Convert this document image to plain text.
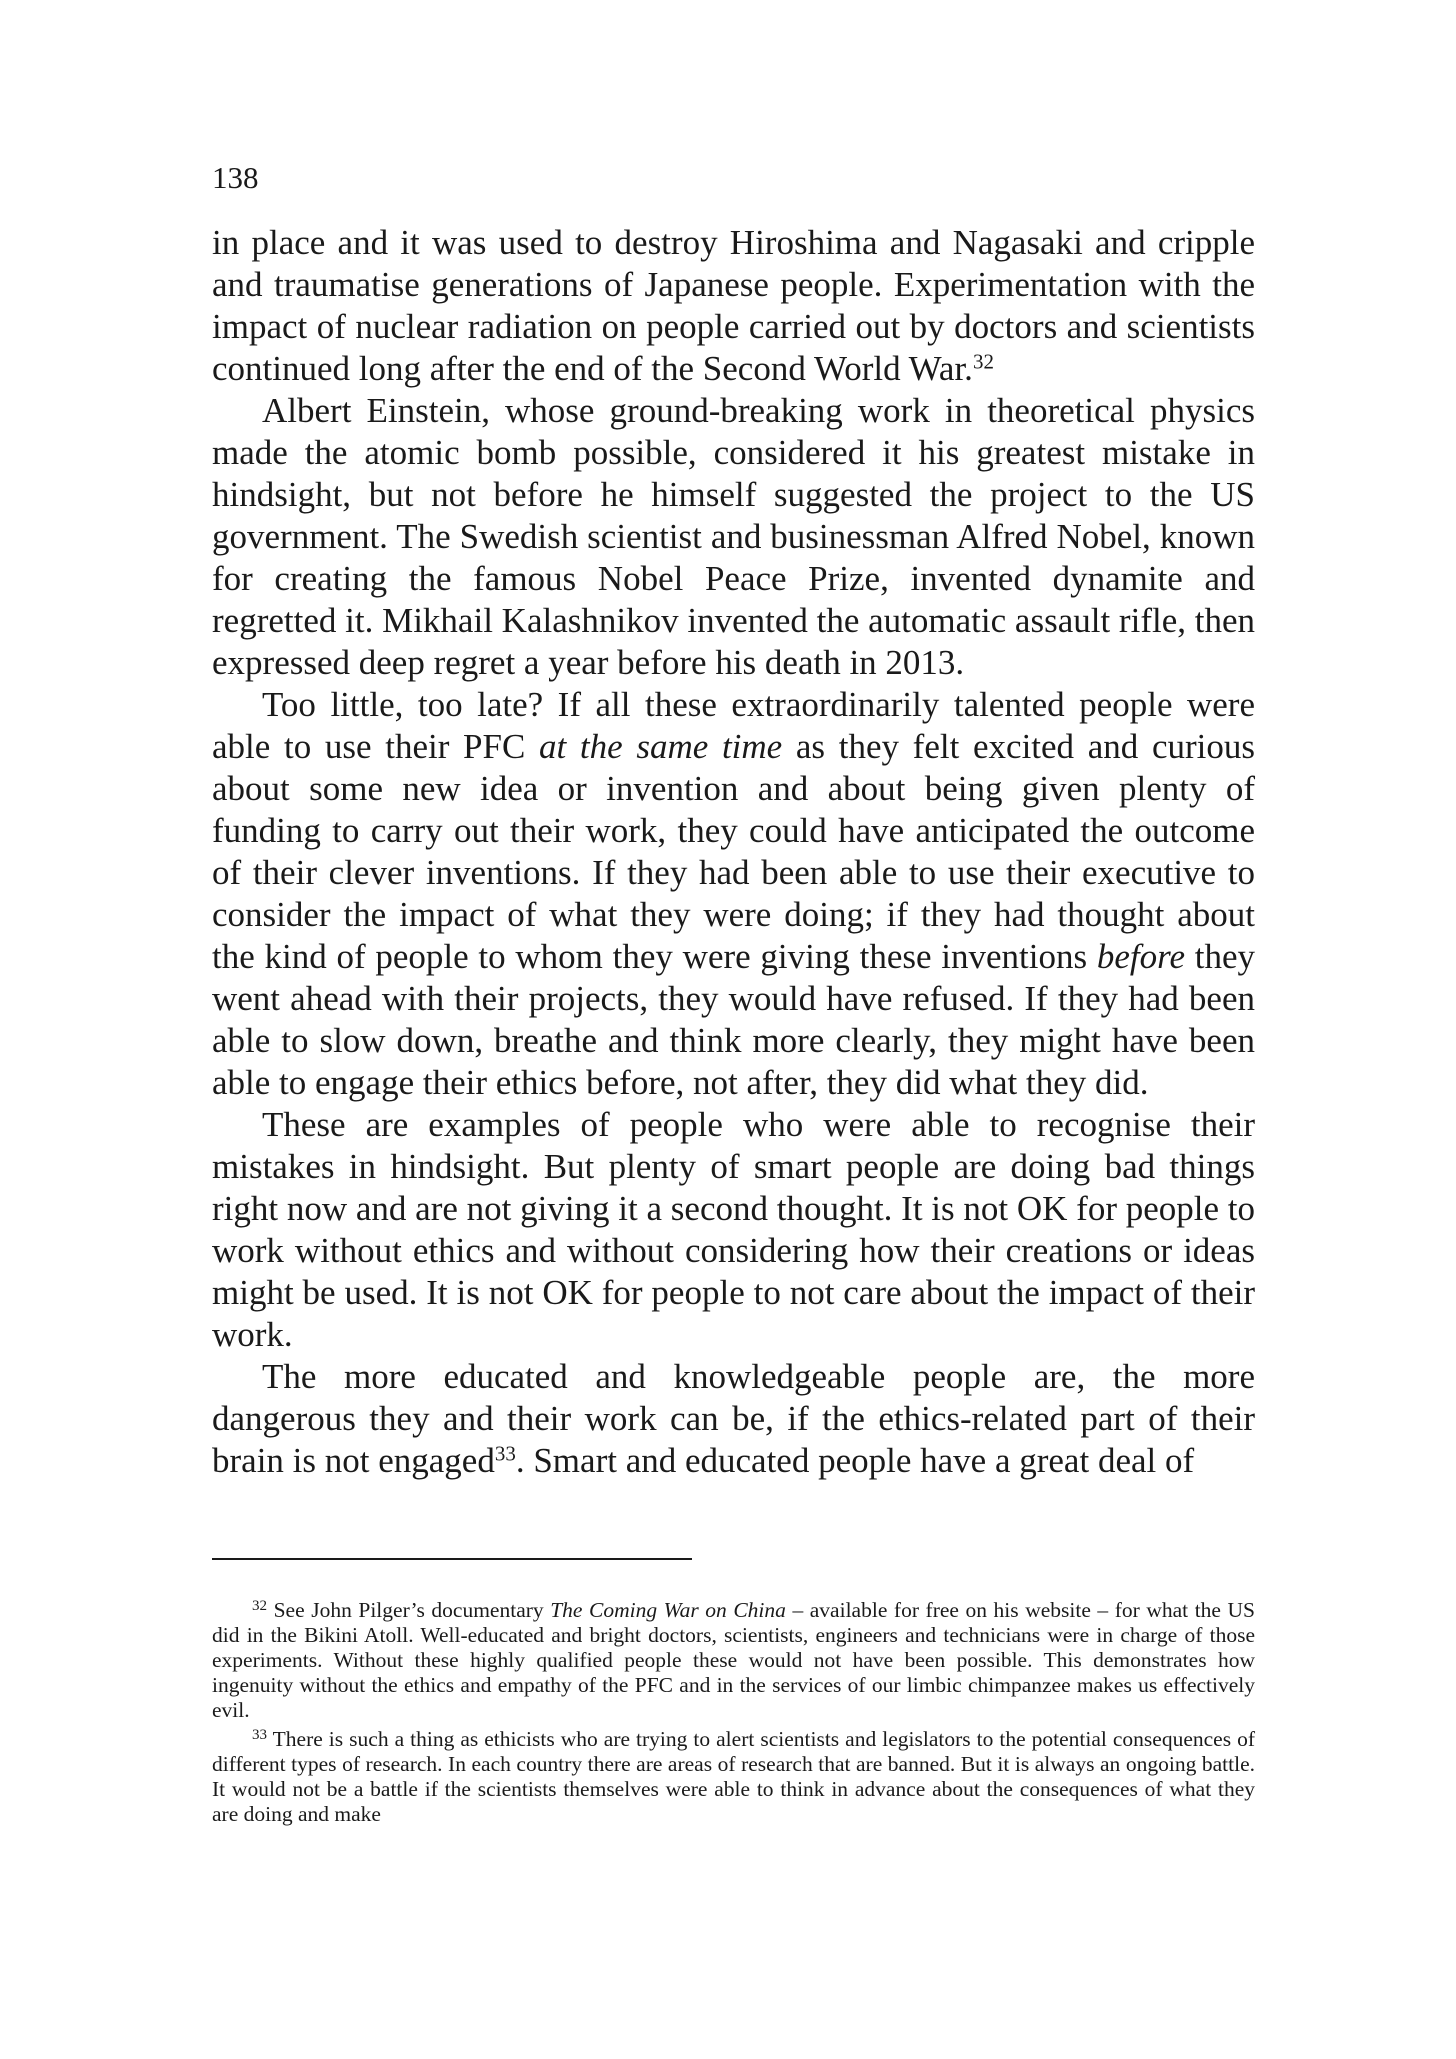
138

in place and it was used to destroy Hiroshima and Nagasaki and cripple and traumatise generations of Japanese people. Experimentation with the impact of nuclear radiation on people carried out by doctors and scientists continued long after the end of the Second World War.$^{32}$

Albert Einstein, whose ground-breaking work in theoretical physics made the atomic bomb possible, considered it his greatest mistake in hindsight, but not before he himself suggested the project to the US government. The Swedish scientist and businessman Alfred Nobel, known for creating the famous Nobel Peace Prize, invented dynamite and regretted it. Mikhail Kalashnikov invented the automatic assault rifle, then expressed deep regret a year before his death in 2013.

Too little, too late? If all these extraordinarily talented people were able to use their PFC at the same time as they felt excited and curious about some new idea or invention and about being given plenty of funding to carry out their work, they could have anticipated the outcome of their clever inventions. If they had been able to use their executive to consider the impact of what they were doing; if they had thought about the kind of people to whom they were giving these inventions before they went ahead with their projects, they would have refused. If they had been able to slow down, breathe and think more clearly, they might have been able to engage their ethics before, not after, they did what they did.

These are examples of people who were able to recognise their mistakes in hindsight. But plenty of smart people are doing bad things right now and are not giving it a second thought. It is not OK for people to work without ethics and without considering how their creations or ideas might be used. It is not OK for people to not care about the impact of their work.

The more educated and knowledgeable people are, the more dangerous they and their work can be, if the ethics-related part of their brain is not engaged$^{33}$. Smart and educated people have a great deal of

$^{32}$ See John Pilger’s documentary The Coming War on China – available for free on his website – for what the US did in the Bikini Atoll. Well-educated and bright doctors, scientists, engineers and technicians were in charge of those experiments. Without these highly qualified people these would not have been possible. This demonstrates how ingenuity without the ethics and empathy of the PFC and in the services of our limbic chimpanzee makes us effectively evil.

$^{33}$ There is such a thing as ethicists who are trying to alert scientists and legislators to the potential consequences of different types of research. In each country there are areas of research that are banned. But it is always an ongoing battle. It would not be a battle if the scientists themselves were able to think in advance about the consequences of what they are doing and make
